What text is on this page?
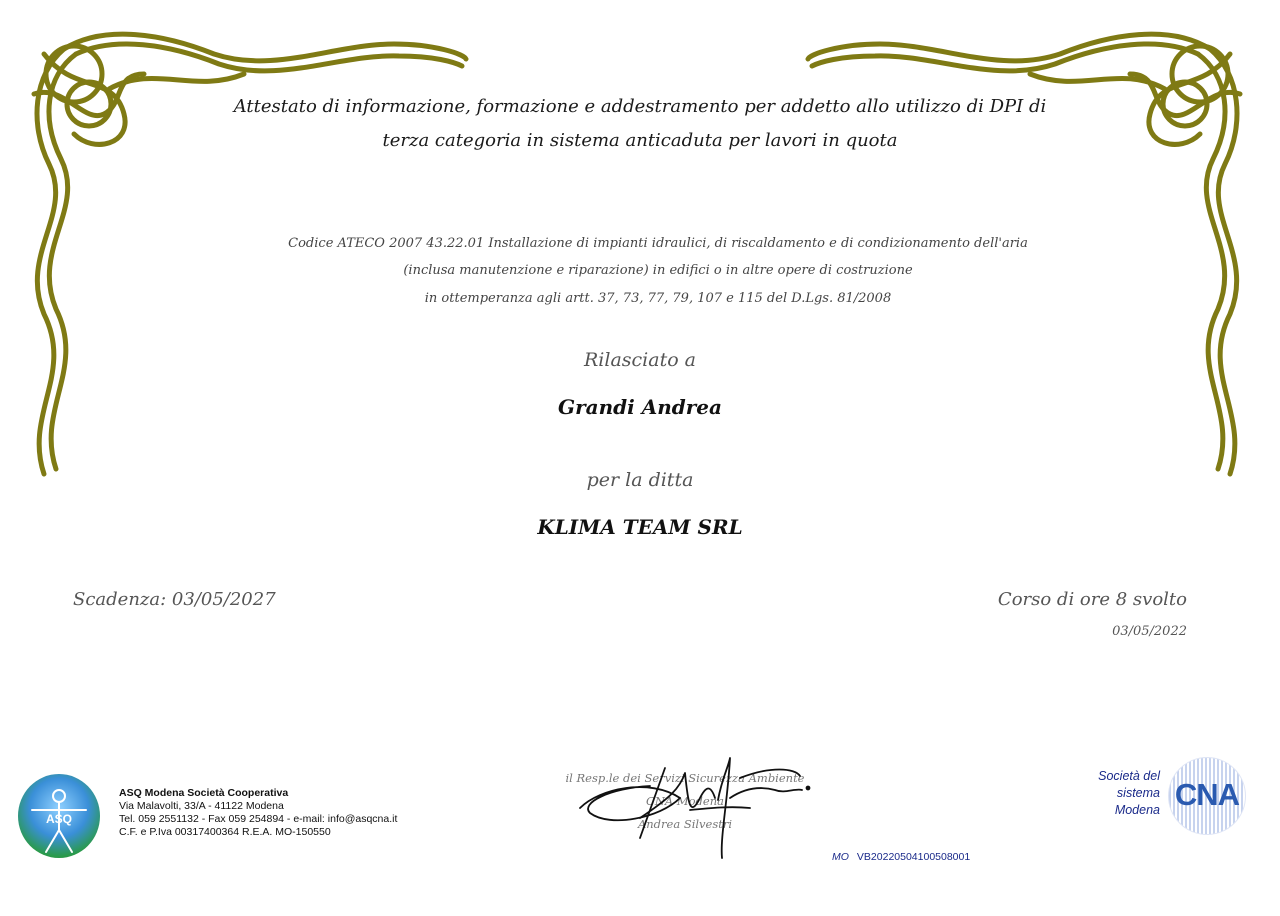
Attestato di informazione, formazione e addestramento per addetto allo utilizzo di DPI di
terza categoria in sistema anticaduta per lavori in quota
Codice ATECO 2007 43.22.01 Installazione di impianti idraulici, di riscaldamento e di condizionamento dell'aria
(inclusa manutenzione e riparazione) in edifici o in altre opere di costruzione
in ottemperanza agli artt. 37, 73, 77, 79, 107 e 115 del D.Lgs. 81/2008
Rilasciato a
Grandi Andrea
per la ditta
KLIMA TEAM SRL
Scadenza: 03/05/2027	Corso di ore 8 svolto
03/05/2022
ASQ
ASQ Modena Società Cooperativa
Via Malavolti, 33/A - 41122 Modena
Tel. 059 2551132 - Fax 059 254894 - e-mail: info@asqcna.it
C.F. e P.Iva 00317400364 R.E.A. MO-150550
il Resp.le dei Servizi Sicurezza Ambiente
CNA Modena
Andrea Silvestri
MO VB20220504100508001
Società del
sistema
Modena CNA
